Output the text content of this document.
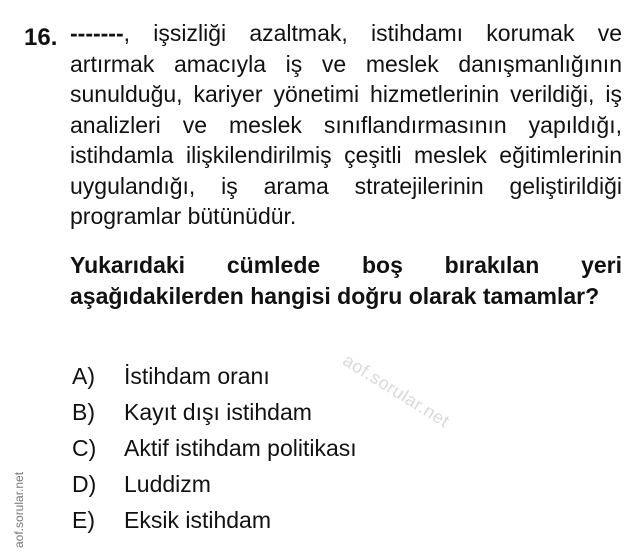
16. -------, işsizliği azaltmak, istihdamı korumak ve artırmak amacıyla iş ve meslek danışmanlığının sunulduğu, kariyer yönetimi hizmetlerinin verildiği, iş analizleri ve meslek sınıflandırmasının yapıldığı, istihdamla ilişkilendirilmiş çeşitli meslek eğitimlerinin uygulandığı, iş arama stratejilerinin geliştirildiği programlar bütünüdür.
Yukarıdaki cümlede boş bırakılan yeri aşağıdakilerden hangisi doğru olarak tamamlar?
A)	İstihdam oranı
B)	Kayıt dışı istihdam
C)	Aktif istihdam politikası
D)	Luddizm
E)	Eksik istihdam
aof.sorular.net
aof.sorular.net
